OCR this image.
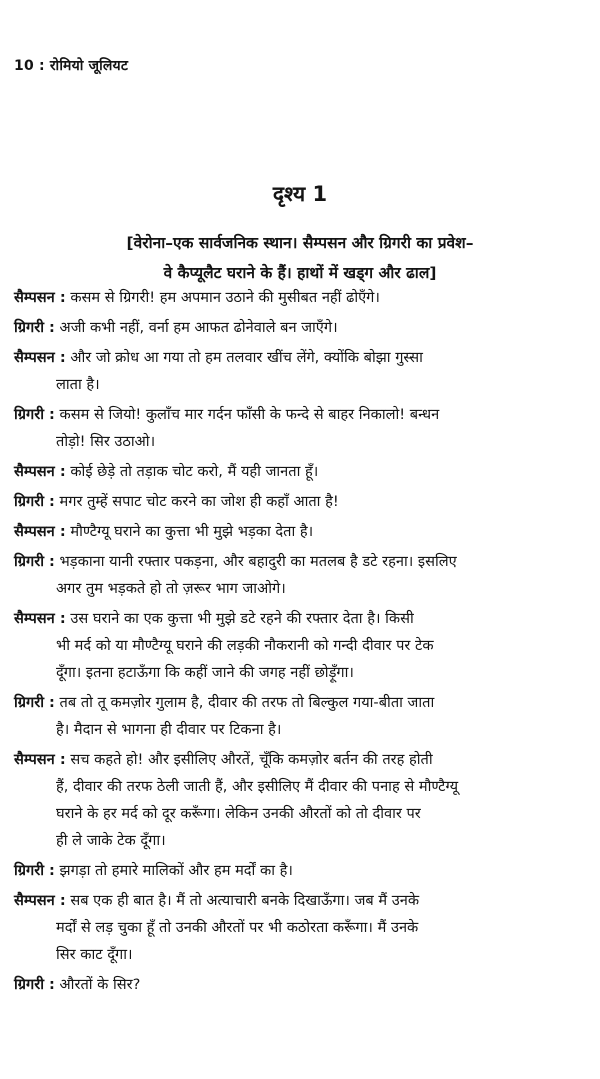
10 : रोमियो जूलियट
दृश्य 1
[वेरोना–एक सार्वजनिक स्थान। सैम्पसन और ग्रिगरी का प्रवेश–
वे कैप्यूलैट घराने के हैं। हाथों में खड्ग और ढाल]

सैम्पसन : कसम से ग्रिगरी! हम अपमान उठाने की मुसीबत नहीं ढोएँगे।

ग्रिगरी : अजी कभी नहीं, वर्ना हम आफत ढोनेवाले बन जाएँगे।

सैम्पसन : और जो क्रोध आ गया तो हम तलवार खींच लेंगे, क्योंकि बोझा गुस्सा

लाता है।

ग्रिगरी : कसम से जियो! कुलाँच मार गर्दन फाँसी के फन्दे से बाहर निकालो! बन्धन

तोड़ो! सिर उठाओ।

सैम्पसन : कोई छेड़े तो तड़ाक चोट करो, मैं यही जानता हूँ।

ग्रिगरी : मगर तुम्हें सपाट चोट करने का जोश ही कहाँ आता है!

सैम्पसन : मौण्टैग्यू घराने का कुत्ता भी मुझे भड़का देता है।

ग्रिगरी : भड़काना यानी रफ्तार पकड़ना, और बहादुरी का मतलब है डटे रहना। इसलिए

अगर तुम भड़कते हो तो ज़रूर भाग जाओगे।

सैम्पसन : उस घराने का एक कुत्ता भी मुझे डटे रहने की रफ्तार देता है। किसी

भी मर्द को या मौण्टैग्यू घराने की लड़की नौकरानी को गन्दी दीवार पर टेक

दूँगा। इतना हटाऊँगा कि कहीं जाने की जगह नहीं छोड़ूँगा।

ग्रिगरी : तब तो तू कमज़ोर गुलाम है, दीवार की तरफ तो बिल्कुल गया-बीता जाता

है। मैदान से भागना ही दीवार पर टिकना है।

सैम्पसन : सच कहते हो! और इसीलिए औरतें, चूँकि कमज़ोर बर्तन की तरह होती

हैं, दीवार की तरफ ठेली जाती हैं, और इसीलिए मैं दीवार की पनाह से मौण्टैग्यू

घराने के हर मर्द को दूर करूँगा। लेकिन उनकी औरतों को तो दीवार पर

ही ले जाके टेक दूँगा।

ग्रिगरी : झगड़ा तो हमारे मालिकों और हम मर्दों का है।

सैम्पसन : सब एक ही बात है। मैं तो अत्याचारी बनके दिखाऊँगा। जब मैं उनके

मर्दों से लड़ चुका हूँ तो उनकी औरतों पर भी कठोरता करूँगा। मैं उनके

सिर काट दूँगा।

ग्रिगरी : औरतों के सिर?
